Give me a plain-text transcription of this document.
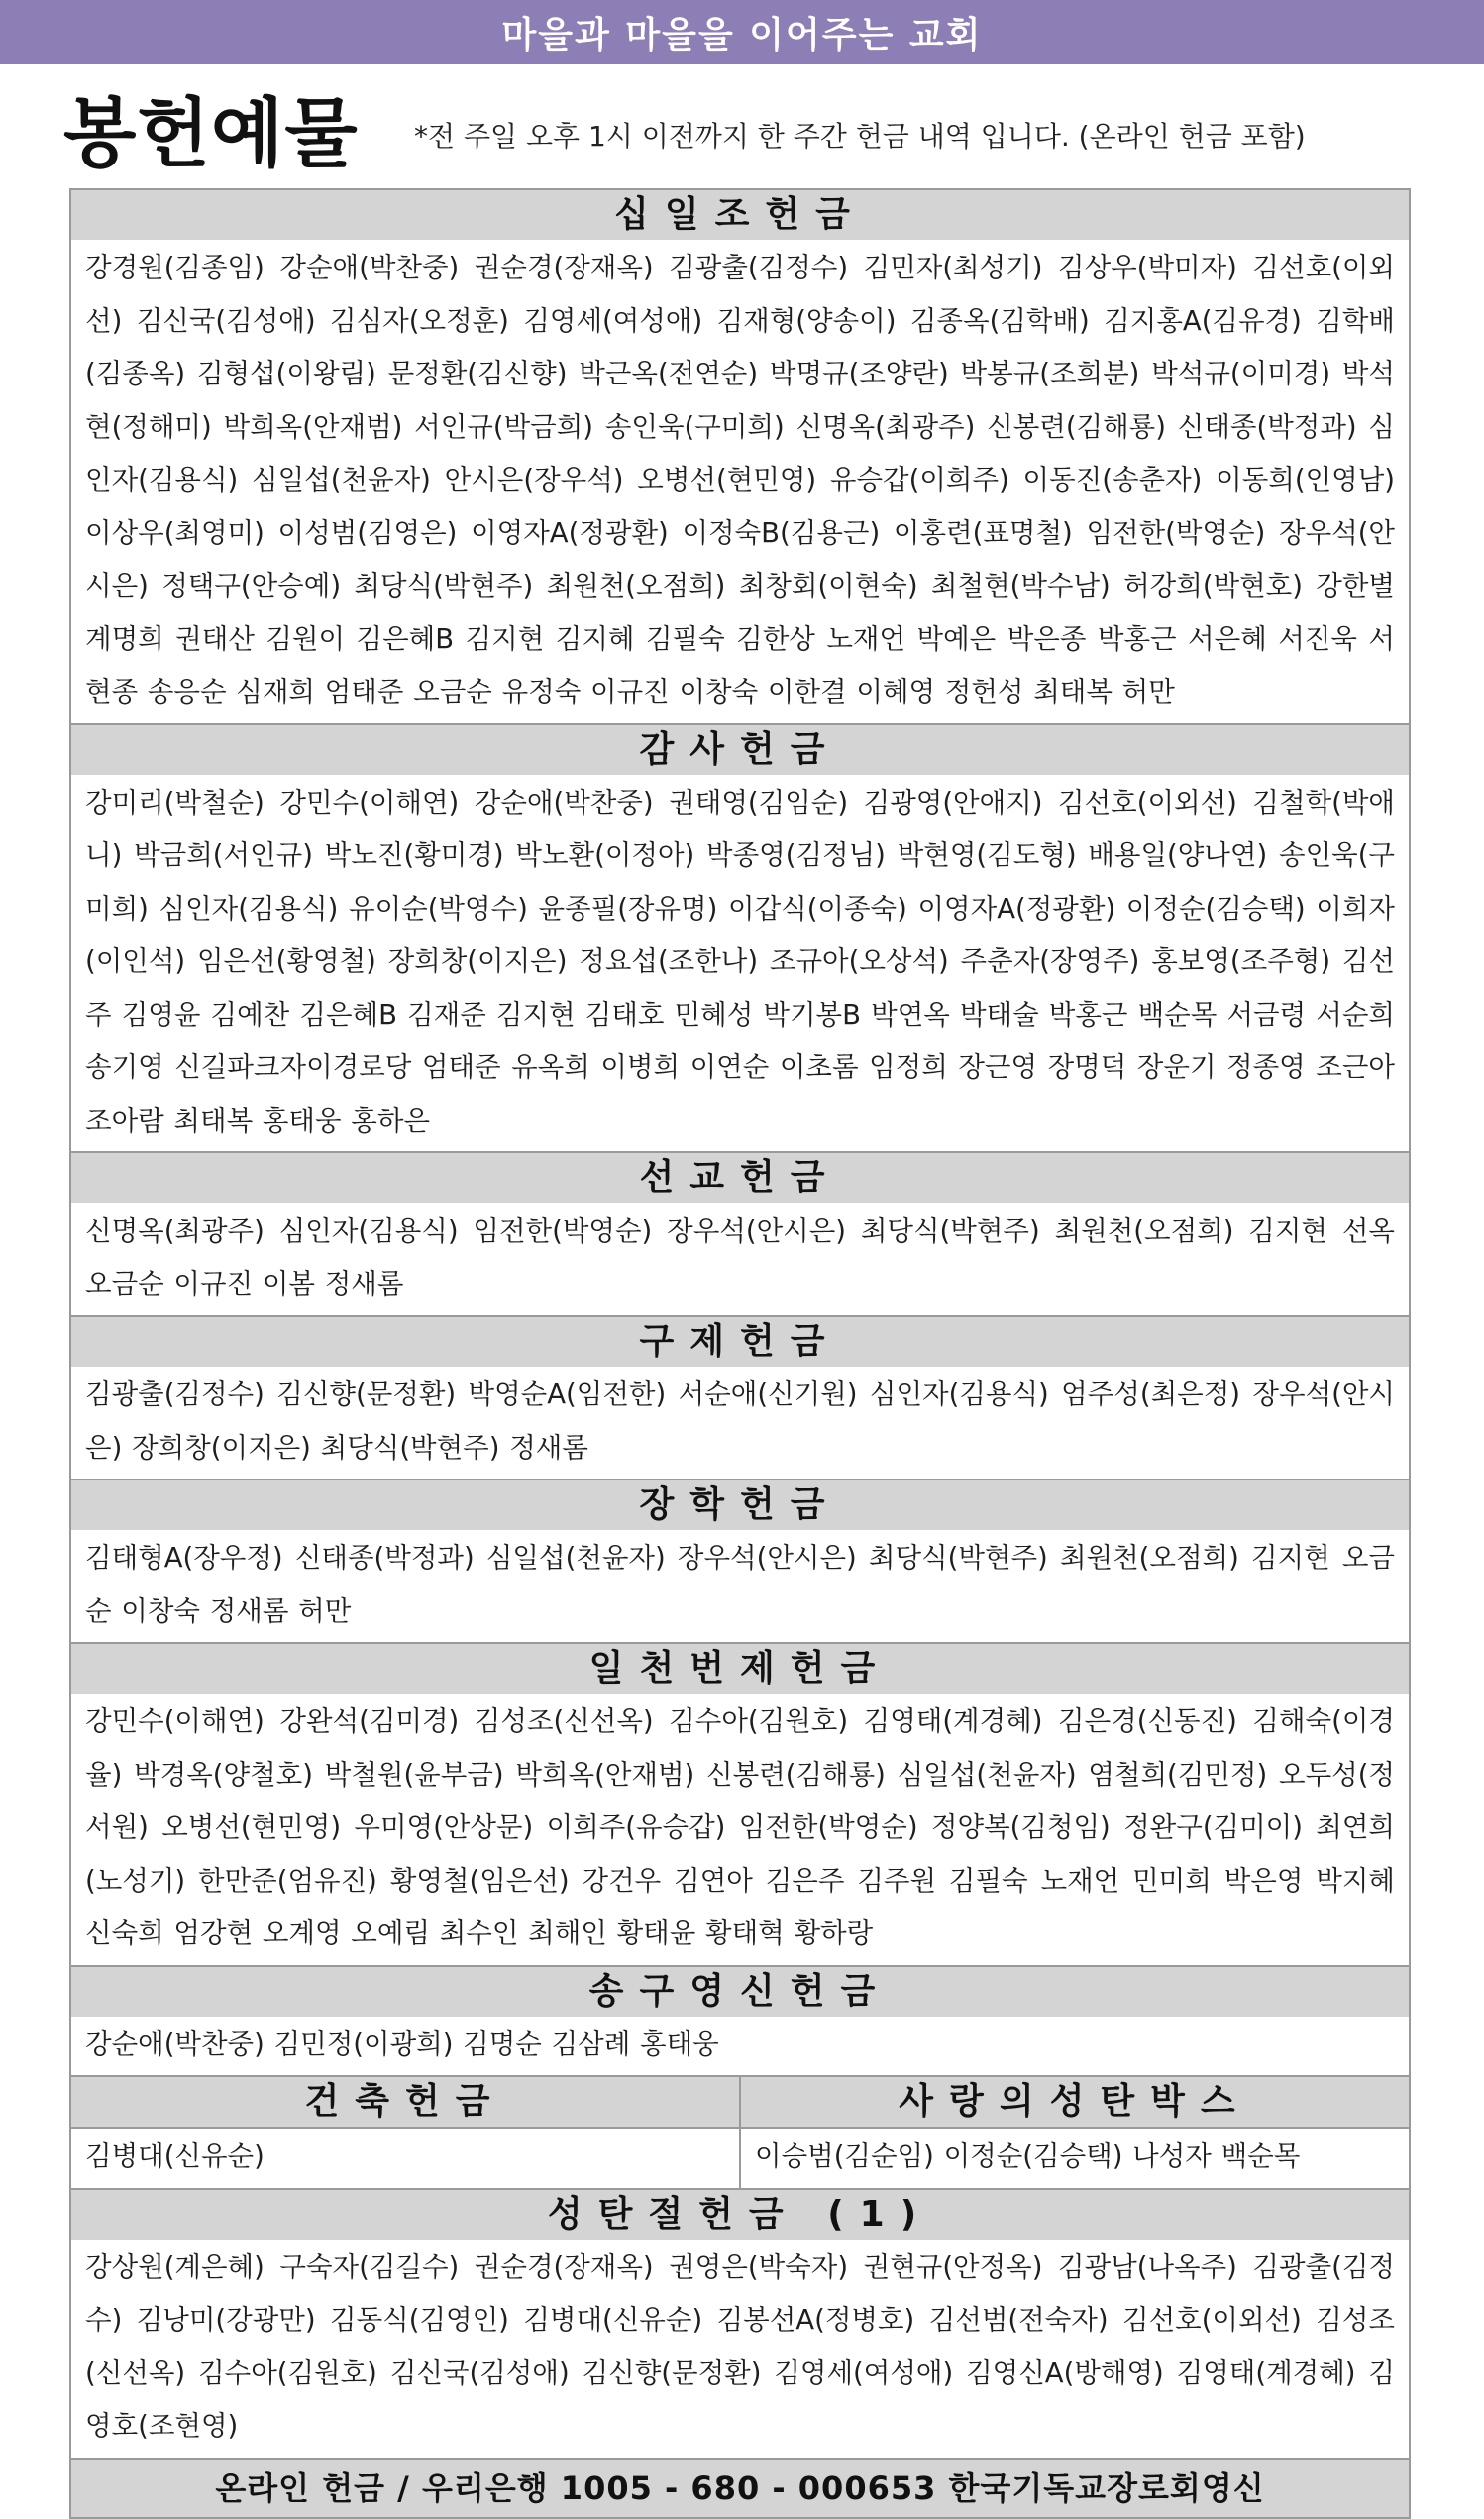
마을과 마을을 이어주는 교회
봉헌예물 *전 주일 오후 1시 이전까지 한 주간 헌금 내역 입니다. (온라인 헌금 포함)
십일조헌금
강경원(김종임) 강순애(박찬중) 권순경(장재옥) 김광출(김정수) 김민자(최성기) 김상우(박미자) 김선호(이외선) 김신국(김성애) 김심자(오정훈) 김영세(여성애) 김재형(양송이) 김종옥(김학배) 김지홍A(김유경) 김학배(김종옥) 김형섭(이왕림) 문정환(김신향) 박근옥(전연순) 박명규(조양란) 박봉규(조희분) 박석규(이미경) 박석현(정해미) 박희옥(안재범) 서인규(박금희) 송인욱(구미희) 신명옥(최광주) 신봉련(김해룡) 신태종(박정과) 심인자(김용식) 심일섭(천윤자) 안시은(장우석) 오병선(현민영) 유승갑(이희주) 이동진(송춘자) 이동희(인영남) 이상우(최영미) 이성범(김영은) 이영자A(정광환) 이정숙B(김용근) 이홍련(표명철) 임전한(박영순) 장우석(안시은) 정택구(안승예) 최당식(박현주) 최원천(오점희) 최창회(이현숙) 최철현(박수남) 허강희(박현호) 강한별 계명희 권태산 김원이 김은혜B 김지현 김지혜 김필숙 김한상 노재언 박예은 박은종 박홍근 서은혜 서진욱 서현종 송응순 심재희 엄태준 오금순 유정숙 이규진 이창숙 이한결 이혜영 정헌성 최태복 허만
감사헌금
강미리(박철순) 강민수(이해연) 강순애(박찬중) 권태영(김임순) 김광영(안애지) 김선호(이외선) 김철학(박애니) 박금희(서인규) 박노진(황미경) 박노환(이정아) 박종영(김정님) 박현영(김도형) 배용일(양나연) 송인욱(구미희) 심인자(김용식) 유이순(박영수) 윤종필(장유명) 이갑식(이종숙) 이영자A(정광환) 이정순(김승택) 이희자(이인석) 임은선(황영철) 장희창(이지은) 정요섭(조한나) 조규아(오상석) 주춘자(장영주) 홍보영(조주형) 김선주 김영윤 김예찬 김은혜B 김재준 김지현 김태호 민혜성 박기봉B 박연옥 박태술 박홍근 백순목 서금령 서순희 송기영 신길파크자이경로당 엄태준 유옥희 이병희 이연순 이초롬 임정희 장근영 장명덕 장운기 정종영 조근아 조아람 최태복 홍태웅 홍하은
선교헌금
신명옥(최광주) 심인자(김용식) 임전한(박영순) 장우석(안시은) 최당식(박현주) 최원천(오점희) 김지현 선옥 오금순 이규진 이봄 정새롬
구제헌금
김광출(김정수) 김신향(문정환) 박영순A(임전한) 서순애(신기원) 심인자(김용식) 엄주성(최은정) 장우석(안시은) 장희창(이지은) 최당식(박현주) 정새롬
장학헌금
김태형A(장우정) 신태종(박정과) 심일섭(천윤자) 장우석(안시은) 최당식(박현주) 최원천(오점희) 김지현 오금순 이창숙 정새롬 허만
일천번제헌금
강민수(이해연) 강완석(김미경) 김성조(신선옥) 김수아(김원호) 김영태(계경혜) 김은경(신동진) 김해숙(이경율) 박경옥(양철호) 박철원(윤부금) 박희옥(안재범) 신봉련(김해룡) 심일섭(천윤자) 염철희(김민정) 오두성(정서원) 오병선(현민영) 우미영(안상문) 이희주(유승갑) 임전한(박영순) 정양복(김청임) 정완구(김미이) 최연희(노성기) 한만준(엄유진) 황영철(임은선) 강건우 김연아 김은주 김주원 김필숙 노재언 민미희 박은영 박지혜 신숙희 엄강현 오계영 오예림 최수인 최해인 황태윤 황태혁 황하랑
송구영신헌금
강순애(박찬중) 김민정(이광희) 김명순 김삼례 홍태웅
건축헌금
김병대(신유순)
사랑의성탄박스
이승범(김순임) 이정순(김승택) 나성자 백순목
성탄절헌금 (1)
강상원(계은혜) 구숙자(김길수) 권순경(장재옥) 권영은(박숙자) 권현규(안정옥) 김광남(나옥주) 김광출(김정수) 김낭미(강광만) 김동식(김영인) 김병대(신유순) 김봉선A(정병호) 김선범(전숙자) 김선호(이외선) 김성조(신선옥) 김수아(김원호) 김신국(김성애) 김신향(문정환) 김영세(여성애) 김영신A(방해영) 김영태(계경혜) 김영호(조현영)
온라인 헌금 / 우리은행 1005 - 680 - 000653 한국기독교장로회영신
